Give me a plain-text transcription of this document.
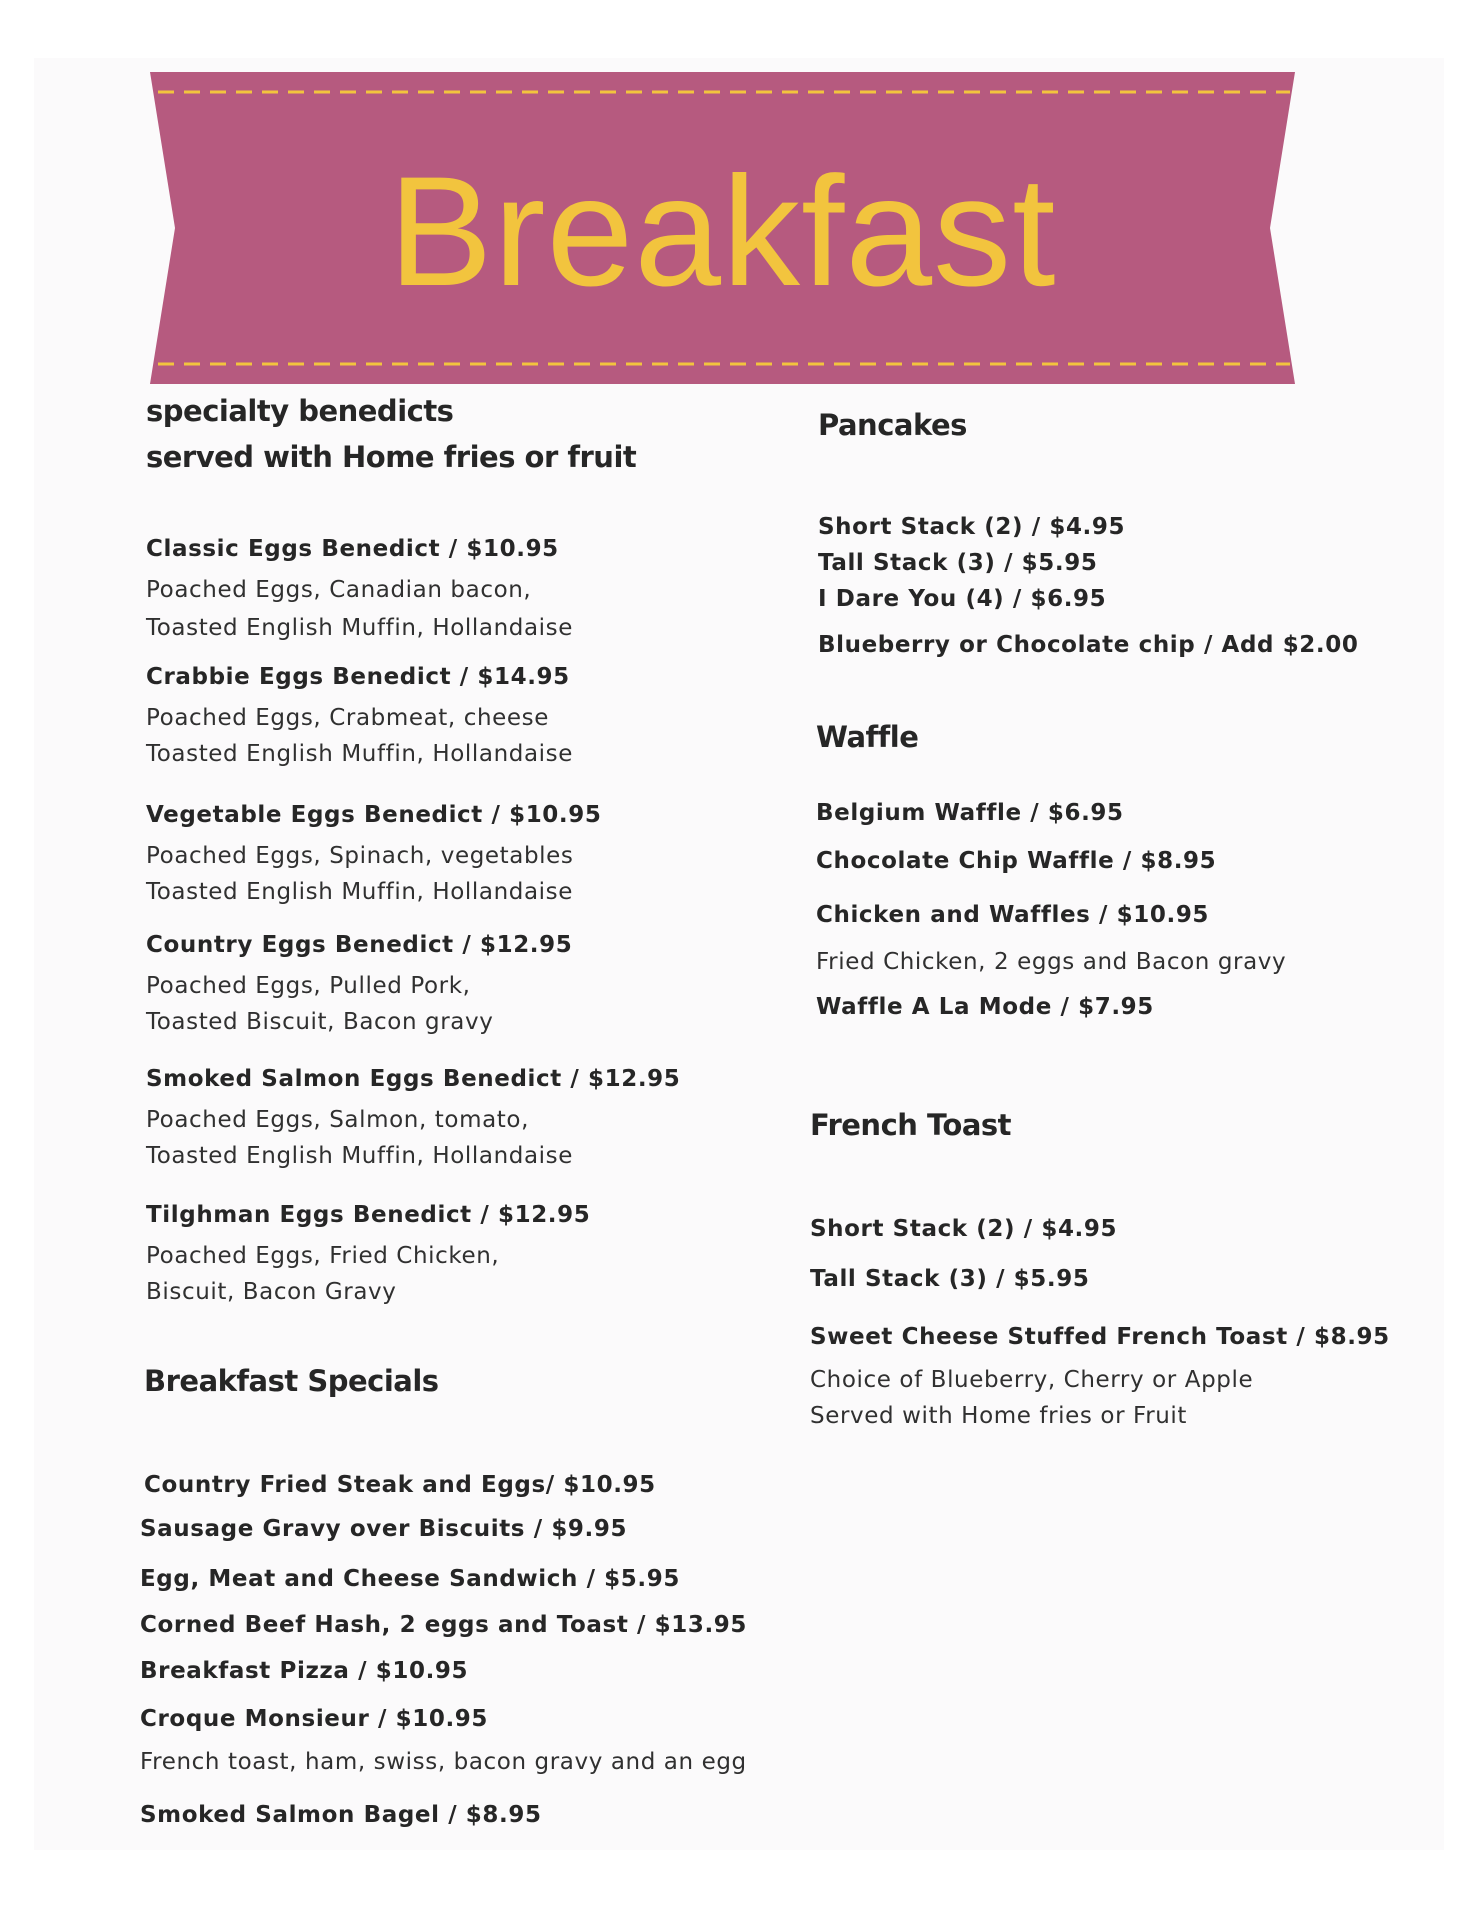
Breakfast
specialty benedicts
served with Home fries or fruit
Classic Eggs Benedict / $10.95
Poached Eggs, Canadian bacon,
Toasted English Muffin, Hollandaise
Crabbie Eggs Benedict / $14.95
Poached Eggs, Crabmeat, cheese
Toasted English Muffin, Hollandaise
Vegetable Eggs Benedict / $10.95
Poached Eggs, Spinach, vegetables
Toasted English Muffin, Hollandaise
Country Eggs Benedict / $12.95
Poached Eggs, Pulled Pork,
Toasted Biscuit, Bacon gravy
Smoked Salmon Eggs Benedict / $12.95
Poached Eggs, Salmon, tomato,
Toasted English Muffin, Hollandaise
Tilghman Eggs Benedict / $12.95
Poached Eggs, Fried Chicken,
Biscuit, Bacon Gravy
Breakfast Specials
Country Fried Steak and Eggs/ $10.95
Sausage Gravy over Biscuits / $9.95
Egg, Meat and Cheese Sandwich / $5.95
Corned Beef Hash, 2 eggs and Toast / $13.95
Breakfast Pizza / $10.95
Croque Monsieur / $10.95
French toast, ham, swiss, bacon gravy and an egg
Smoked Salmon Bagel / $8.95
Pancakes
Short Stack (2) / $4.95
Tall Stack (3) / $5.95
I Dare You (4) / $6.95
Blueberry or Chocolate chip / Add $2.00
Waffle
Belgium Waffle / $6.95
Chocolate Chip Waffle / $8.95
Chicken and Waffles / $10.95
Fried Chicken, 2 eggs and Bacon gravy
Waffle A La Mode / $7.95
French Toast
Short Stack (2) / $4.95
Tall Stack (3) / $5.95
Sweet Cheese Stuffed French Toast / $8.95
Choice of Blueberry, Cherry or Apple
Served with Home fries or Fruit
